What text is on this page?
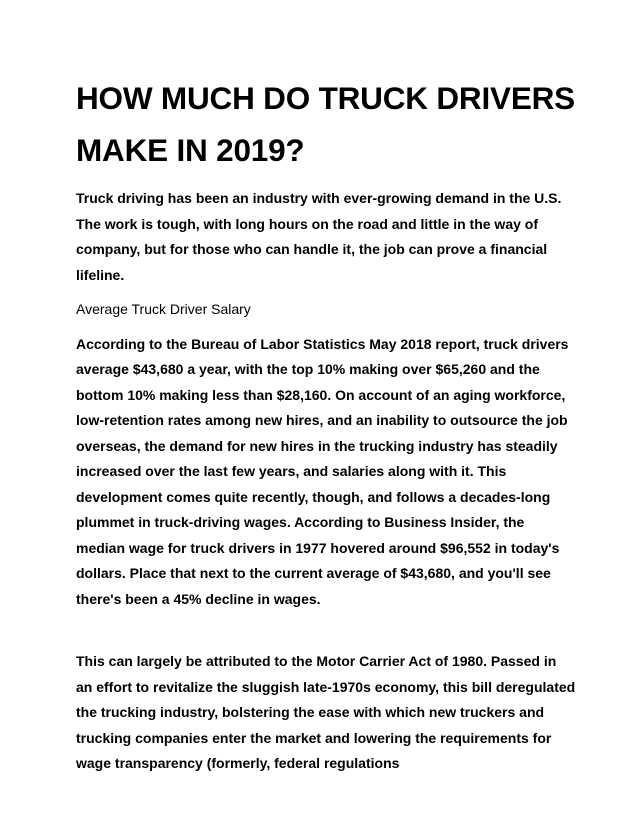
HOW MUCH DO TRUCK DRIVERS MAKE IN 2019?

Truck driving has been an industry with ever-growing demand in the U.S. The work is tough, with long hours on the road and little in the way of company, but for those who can handle it, the job can prove a financial lifeline.

Average Truck Driver Salary

According to the Bureau of Labor Statistics May 2018 report, truck drivers average $43,680 a year, with the top 10% making over $65,260 and the bottom 10% making less than $28,160. On account of an aging workforce, low-retention rates among new hires, and an inability to outsource the job overseas, the demand for new hires in the trucking industry has steadily increased over the last few years, and salaries along with it. This development comes quite recently, though, and follows a decades-long plummet in truck-driving wages. According to Business Insider, the median wage for truck drivers in 1977 hovered around $96,552 in today's dollars. Place that next to the current average of $43,680, and you'll see there's been a 45% decline in wages.

This can largely be attributed to the Motor Carrier Act of 1980. Passed in an effort to revitalize the sluggish late-1970s economy, this bill deregulated the trucking industry, bolstering the ease with which new truckers and trucking companies enter the market and lowering the requirements for wage transparency (formerly, federal regulations
